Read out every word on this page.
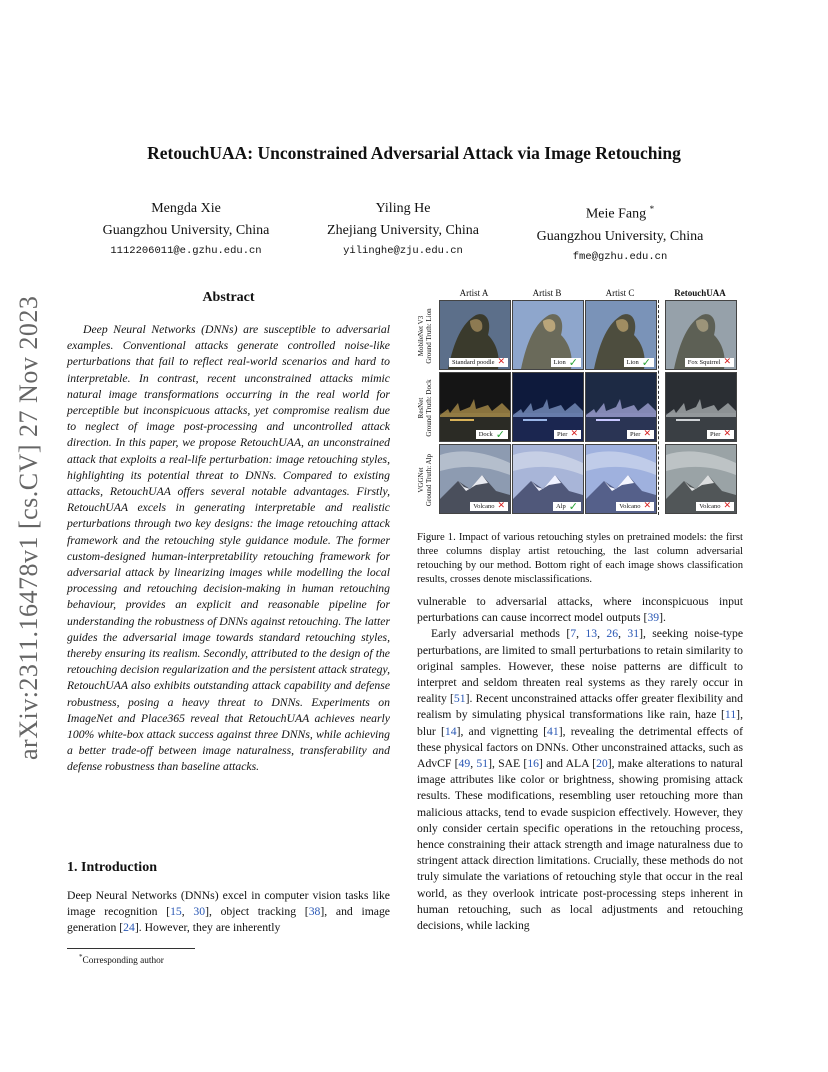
RetouchUAA: Unconstrained Adversarial Attack via Image Retouching
Mengda Xie
Guangzhou University, China
1112206011@e.gzhu.edu.cn
Yiling He
Zhejiang University, China
yilinghe@zju.edu.cn
Meie Fang *
Guangzhou University, China
fme@gzhu.edu.cn
arXiv:2311.16478v1 [cs.CV] 27 Nov 2023	Abstract

Deep Neural Networks (DNNs) are susceptible to adversarial examples. Conventional attacks generate controlled noise-like perturbations that fail to reflect real-world scenarios and hard to interpretable. In contrast, recent unconstrained attacks mimic natural image transformations occurring in the real world for perceptible but inconspicuous attacks, yet compromise realism due to neglect of image post-processing and uncontrolled attack direction. In this paper, we propose RetouchUAA, an unconstrained attack that exploits a real-life perturbation: image retouching styles, highlighting its potential threat to DNNs. Compared to existing attacks, RetouchUAA offers several notable advantages. Firstly, RetouchUAA excels in generating interpretable and realistic perturbations through two key designs: the image retouching attack framework and the retouching style guidance module. The former custom-designed human-interpretability retouching framework for adversarial attack by linearizing images while modelling the local processing and retouching decision-making in human retouching behaviour, provides an explicit and reasonable pipeline for understanding the robustness of DNNs against retouching. The latter guides the adversarial image towards standard retouching styles, thereby ensuring its realism. Secondly, attributed to the design of the retouching decision regularization and the persistent attack strategy, RetouchUAA also exhibits outstanding attack capability and defense robustness, posing a heavy threat to DNNs. Experiments on ImageNet and Place365 reveal that RetouchUAA achieves nearly 100% white-box attack success against three DNNs, while achieving a better trade-off between image naturalness, transferability and defense robustness than baseline attacks.

1. Introduction

Deep Neural Networks (DNNs) excel in computer vision tasks like image recognition [15, 30], object tracking [38], and image generation [24]. However, they are inherently

*Corresponding author
Artist A	Artist B	Artist C	RetouchUAA
MobileNet V3 Ground Truth: Lion
ResNet Ground Truth: Dock
VGGNet Ground Truth: Alp
Standard poodle ✕	Lion ✓	Lion ✓	Fox Squirrel ✕
Dock ✓	Pier ✕	Pier ✕	Pier ✕
Volcano ✕	Alp ✓	Volcano ✕	Volcano ✕
Figure 1. Impact of various retouching styles on pretrained models: the first three columns display artist retouching, the last column adversarial retouching by our method. Bottom right of each image shows classification results, crosses denote misclassifications.

vulnerable to adversarial attacks, where inconspicuous input perturbations can cause incorrect model outputs [39].

Early adversarial methods [7, 13, 26, 31], seeking noise-type perturbations, are limited to small perturbations to retain similarity to original samples. However, these noise patterns are difficult to interpret and seldom threaten real systems as they rarely occur in reality [51]. Recent unconstrained attacks offer greater flexibility and realism by simulating physical transformations like rain, haze [11], blur [14], and vignetting [41], revealing the detrimental effects of these physical factors on DNNs. Other unconstrained attacks, such as AdvCF [49, 51], SAE [16] and ALA [20], make alterations to natural image attributes like color or brightness, showing promising attack results. These modifications, resembling user retouching more than malicious attacks, tend to evade suspicion effectively. However, they only consider certain specific operations in the retouching process, hence constraining their attack strength and image naturalness due to stringent attack direction limitations. Crucially, these methods do not truly simulate the variations of retouching style that occur in the real world, as they overlook intricate post-processing steps inherent in human retouching, such as local adjustments and retouching decisions, while lacking
